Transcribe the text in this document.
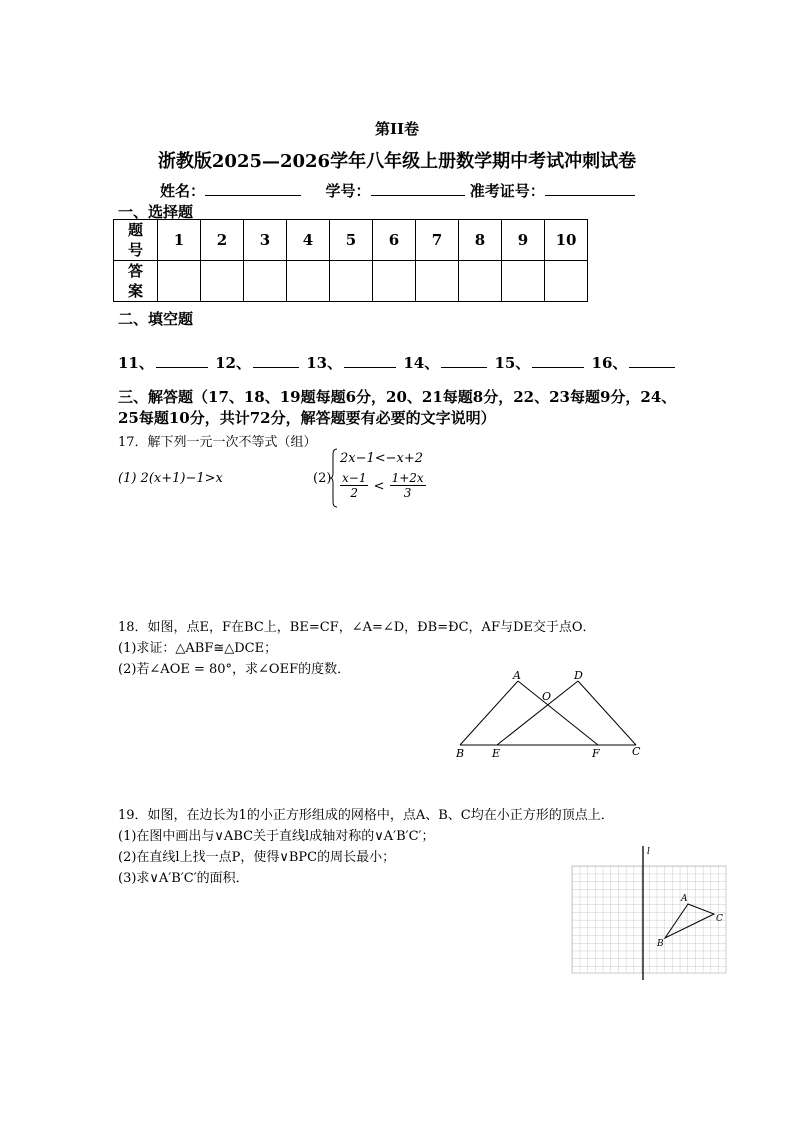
第II卷
浙教版2025—2026学年八年级上册数学期中考试冲刺试卷
姓名：	学号：	准考证号：
一、选择题
题号	1	2	3	4	5	6	7	8	9	10
答案										
二、填空题
11、	12、	13、	14、	15、	16、
三、解答题（17、18、19题每题6分，20、21每题8分，22、23每题9分，24、
25每题10分，共计72分，解答题要有必要的文字说明）
17．解下列一元一次不等式（组）
(1) 2(x+1)−1>x	(2)
2x−1<−x+2
$\frac{x-1}{2} < \frac{1+2x}{3}$
18．如图，点E，F在BC上，BE=CF，∠A=∠D，ÐB=ÐC，AF与DE交于点O．
(1)求证：△ABF≅△DCE；
(2)若∠AOE = 80°，求∠OEF的度数．	A	D
O
B	E	F	C
19．如图，在边长为1的小正方形组成的网格中，点A、B、C均在小正方形的顶点上．
(1)在图中画出与∨ABC关于直线l成轴对称的∨A′B′C′；
(2)在直线l上找一点P，使得∨BPC的周长最小；
(3)求∨A′B′C′的面积．
l
A
B
C
